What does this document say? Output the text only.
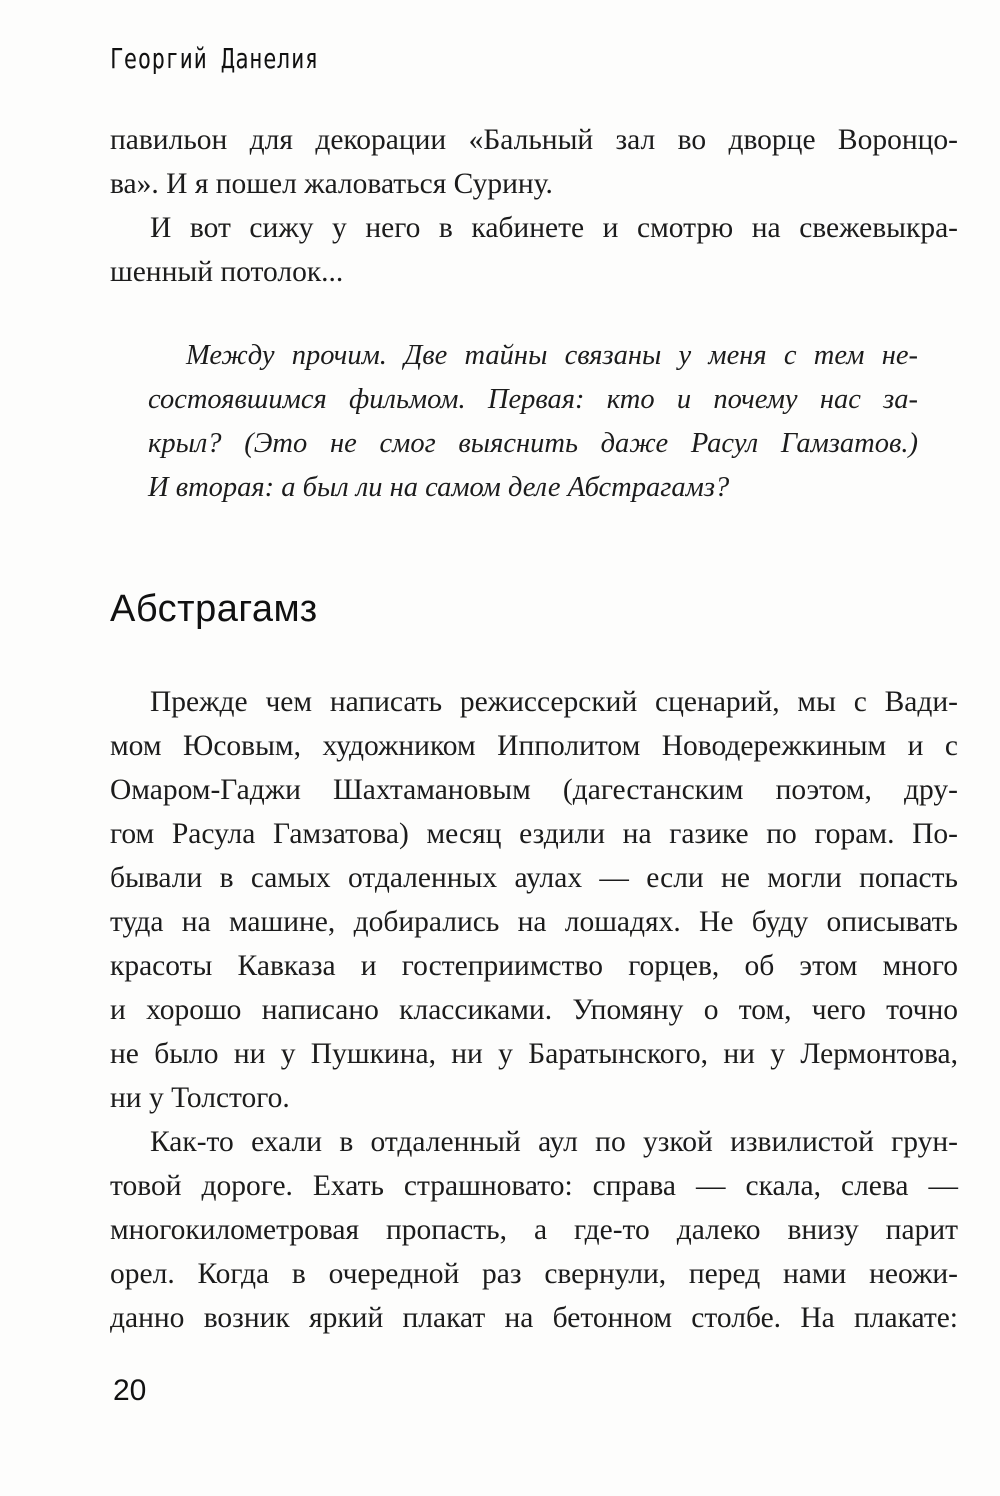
Георгий Данелия
павильон для декорации «Бальный зал во дворце Воронцо-
ва». И я пошел жаловаться Сурину.
И вот сижу у него в кабинете и смотрю на свежевыкра-
шенный потолок...
Между прочим. Две тайны связаны у меня с тем не-
состоявшимся фильмом. Первая: кто и почему нас за-
крыл? (Это не смог выяснить даже Расул Гамзатов.)
И вторая: а был ли на самом деле Абстрагамз?
Абстрагамз
Прежде чем написать режиссерский сценарий, мы с Вади-
мом Юсовым, художником Ипполитом Новодережкиным и с
Омаром-Гаджи Шахтамановым (дагестанским поэтом, дру-
гом Расула Гамзатова) месяц ездили на газике по горам. По-
бывали в самых отдаленных аулах — если не могли попасть
туда на машине, добирались на лошадях. Не буду описывать
красоты Кавказа и гостеприимство горцев, об этом много
и хорошо написано классиками. Упомяну о том, чего точно
не было ни у Пушкина, ни у Баратынского, ни у Лермонтова,
ни у Толстого.
Как-то ехали в отдаленный аул по узкой извилистой грун-
товой дороге. Ехать страшновато: справа — скала, слева —
многокилометровая пропасть, а где-то далеко внизу парит
орел. Когда в очередной раз свернули, перед нами неожи-
данно возник яркий плакат на бетонном столбе. На плакате:
20
